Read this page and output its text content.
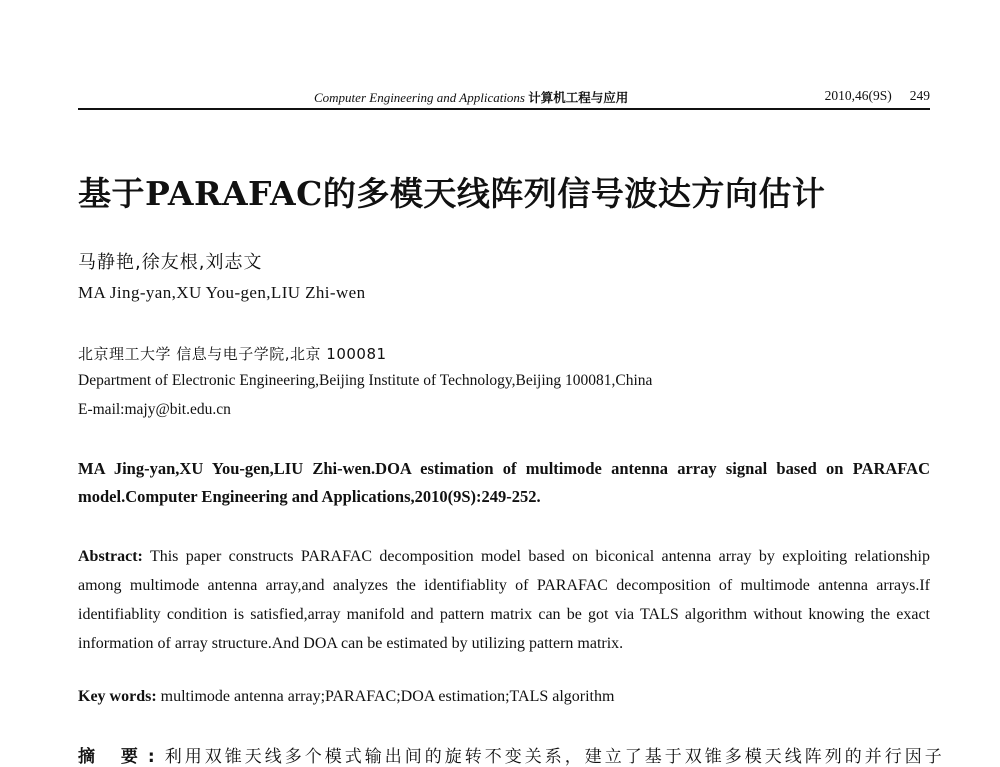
Computer Engineering and Applications 计算机工程与应用	2010,46(9S) 249
基于PARAFAC的多模天线阵列信号波达方向估计
马静艳,徐友根,刘志文
MA Jing-yan,XU You-gen,LIU Zhi-wen
北京理工大学 信息与电子学院,北京 100081
Department of Electronic Engineering,Beijing Institute of Technology,Beijing 100081,China
E-mail:majy@bit.edu.cn
MA Jing-yan,XU You-gen,LIU Zhi-wen.DOA estimation of multimode antenna array signal based on PARAFAC model.Computer Engineering and Applications,2010(9S):249-252.
Abstract: This paper constructs PARAFAC decomposition model based on biconical antenna array by exploiting relationship among multimode antenna array,and analyzes the identifiablity of PARAFAC decomposition of multimode antenna arrays.If identifiablity condition is satisfied,array manifold and pattern matrix can be got via TALS algorithm without knowing the exact information of array structure.And DOA can be estimated by utilizing pattern matrix.
Key words: multimode antenna array;PARAFAC;DOA estimation;TALS algorithm
摘 要:利用双锥天线多个模式输出间的旋转不变关系，建立了基于双锥多模天线阵列的并行因子
